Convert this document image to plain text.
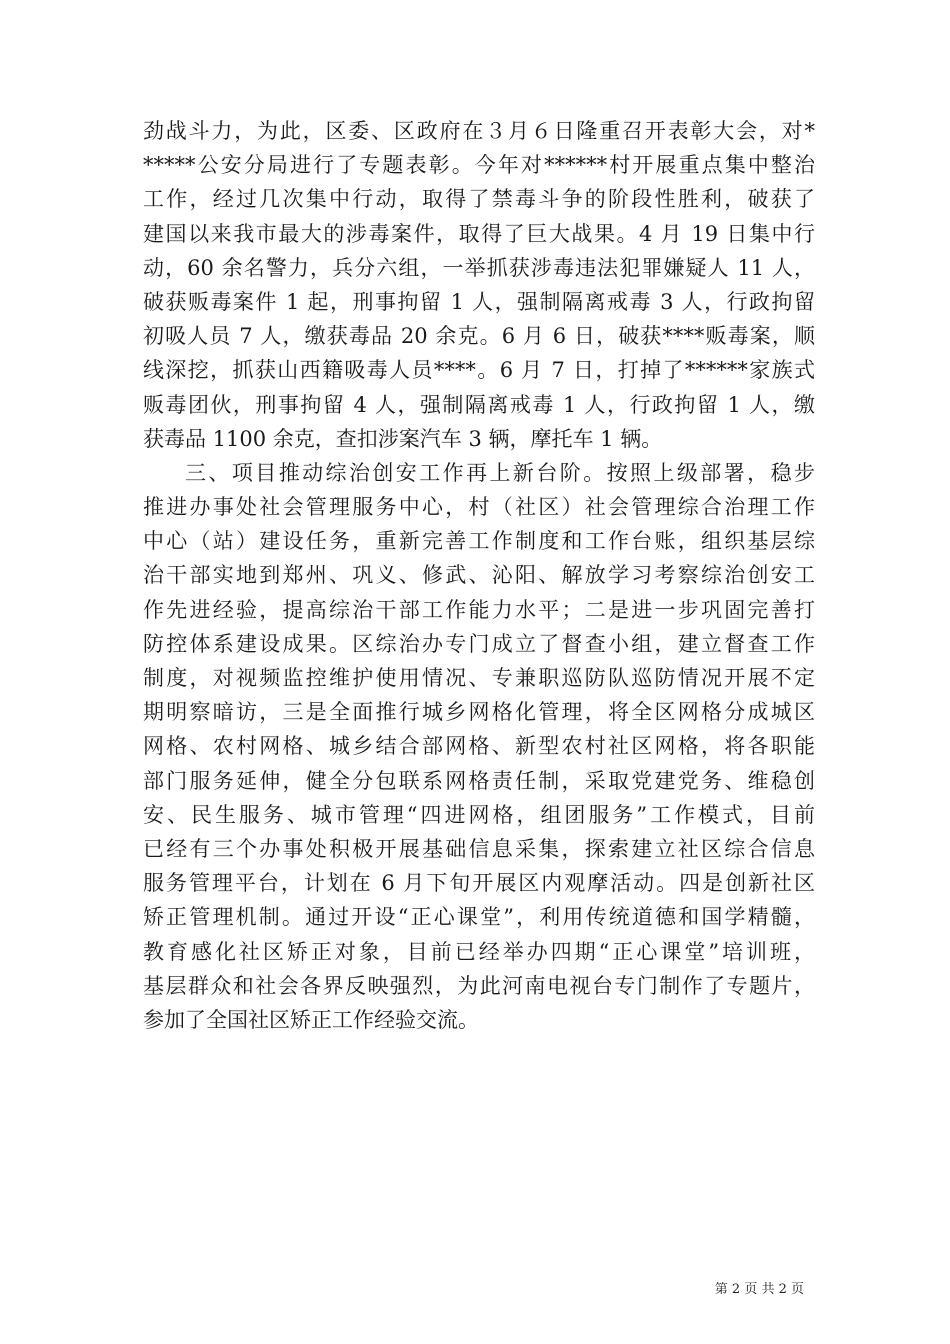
劲战斗力，为此，区委、区政府在３月６日隆重召开表彰大会，对*
*****公安分局进行了专题表彰。今年对******村开展重点集中整治
工作，经过几次集中行动，取得了禁毒斗争的阶段性胜利，破获了
建国以来我市最大的涉毒案件，取得了巨大战果。4 月 19 日集中行
动，60 余名警力，兵分六组，一举抓获涉毒违法犯罪嫌疑人 11 人，
破获贩毒案件 1 起，刑事拘留 1 人，强制隔离戒毒 3 人，行政拘留
初吸人员 7 人，缴获毒品 20 余克。6 月 6 日，破获****贩毒案，顺
线深挖，抓获山西籍吸毒人员****。6 月 7 日，打掉了******家族式
贩毒团伙，刑事拘留 4 人，强制隔离戒毒 1 人，行政拘留 1 人，缴
获毒品 1100 余克，查扣涉案汽车 3 辆，摩托车 1 辆。
三、项目推动综治创安工作再上新台阶。按照上级部署，稳步
推进办事处社会管理服务中心，村（社区）社会管理综合治理工作
中心（站）建设任务，重新完善工作制度和工作台账，组织基层综
治干部实地到郑州、巩义、修武、沁阳、解放学习考察综治创安工
作先进经验，提高综治干部工作能力水平；二是进一步巩固完善打
防控体系建设成果。区综治办专门成立了督查小组，建立督查工作
制度，对视频监控维护使用情况、专兼职巡防队巡防情况开展不定
期明察暗访，三是全面推行城乡网格化管理，将全区网格分成城区
网格、农村网格、城乡结合部网格、新型农村社区网格，将各职能
部门服务延伸，健全分包联系网格责任制，采取党建党务、维稳创
安、民生服务、城市管理“四进网格，组团服务”工作模式，目前
已经有三个办事处积极开展基础信息采集，探索建立社区综合信息
服务管理平台，计划在 6 月下旬开展区内观摩活动。四是创新社区
矫正管理机制。通过开设“正心课堂”，利用传统道德和国学精髓，
教育感化社区矫正对象，目前已经举办四期“正心课堂”培训班，
基层群众和社会各界反映强烈，为此河南电视台专门制作了专题片，
参加了全国社区矫正工作经验交流。
第 2 页 共 2 页
